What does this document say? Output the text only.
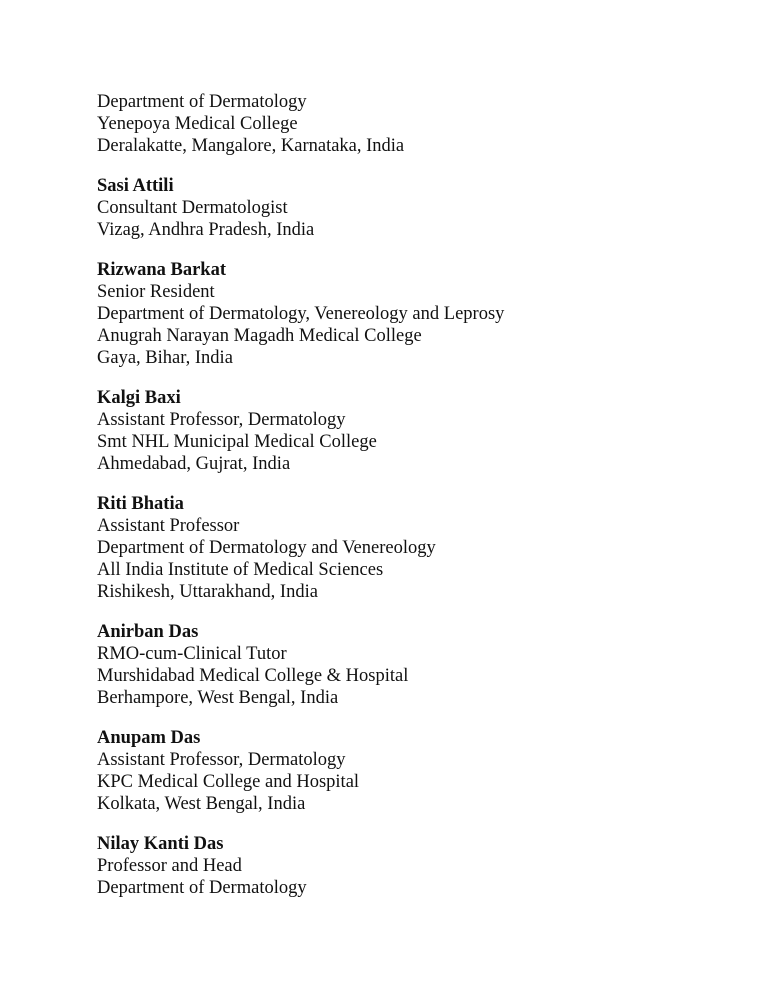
Department of Dermatology
Yenepoya Medical College
Deralakatte, Mangalore, Karnataka, India
Sasi Attili
Consultant Dermatologist
Vizag, Andhra Pradesh, India
Rizwana Barkat
Senior Resident
Department of Dermatology, Venereology and Leprosy
Anugrah Narayan Magadh Medical College
Gaya, Bihar, India
Kalgi Baxi
Assistant Professor, Dermatology
Smt NHL Municipal Medical College
Ahmedabad, Gujrat, India
Riti Bhatia
Assistant Professor
Department of Dermatology and Venereology
All India Institute of Medical Sciences
Rishikesh, Uttarakhand, India
Anirban Das
RMO-cum-Clinical Tutor
Murshidabad Medical College & Hospital
Berhampore, West Bengal, India
Anupam Das
Assistant Professor, Dermatology
KPC Medical College and Hospital
Kolkata, West Bengal, India
Nilay Kanti Das
Professor and Head
Department of Dermatology
